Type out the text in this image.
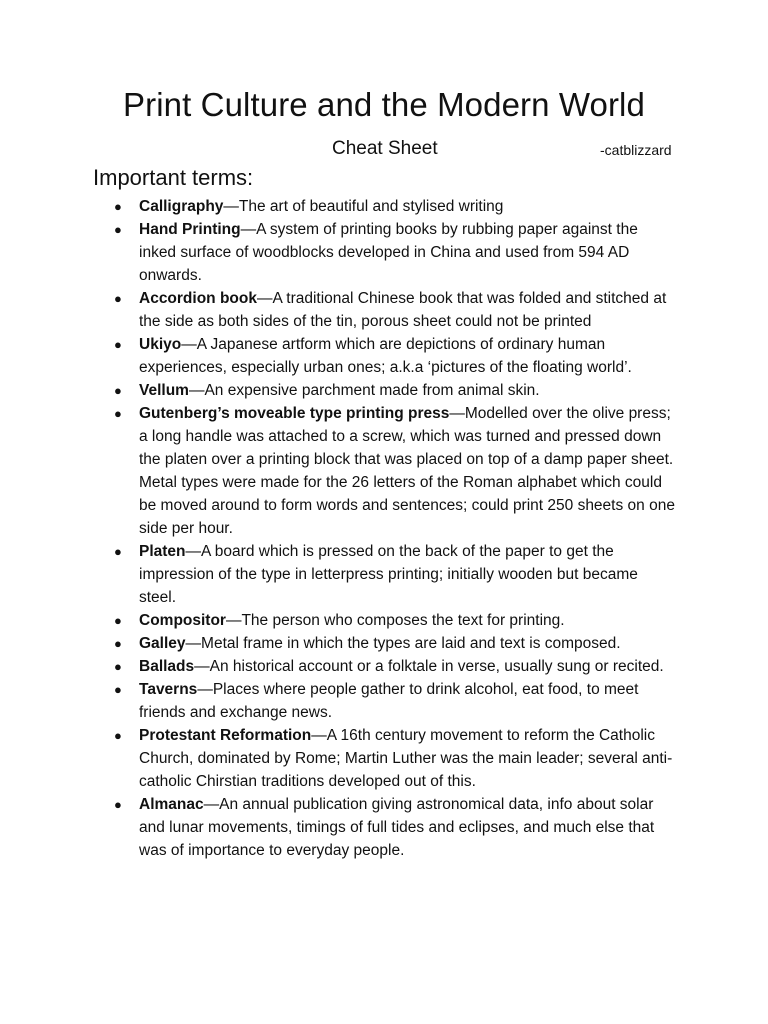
Print Culture and the Modern World
Cheat Sheet	-catblizzard
Important terms:
● Calligraphy—The art of beautiful and stylised writing
● Hand Printing—A system of printing books by rubbing paper against the inked surface of woodblocks developed in China and used from 594 AD onwards.
● Accordion book—A traditional Chinese book that was folded and stitched at the side as both sides of the tin, porous sheet could not be printed
● Ukiyo—A Japanese artform which are depictions of ordinary human experiences, especially urban ones; a.k.a ‘pictures of the floating world’.
● Vellum—An expensive parchment made from animal skin.
● Gutenberg’s moveable type printing press—Modelled over the olive press; a long handle was attached to a screw, which was turned and pressed down the platen over a printing block that was placed on top of a damp paper sheet. Metal types were made for the 26 letters of the Roman alphabet which could be moved around to form words and sentences; could print 250 sheets on one side per hour.
● Platen—A board which is pressed on the back of the paper to get the impression of the type in letterpress printing; initially wooden but became steel.
● Compositor—The person who composes the text for printing.
● Galley—Metal frame in which the types are laid and text is composed.
● Ballads—An historical account or a folktale in verse, usually sung or recited.
● Taverns—Places where people gather to drink alcohol, eat food, to meet friends and exchange news.
● Protestant Reformation—A 16th century movement to reform the Catholic Church, dominated by Rome; Martin Luther was the main leader; several anti-catholic Chirstian traditions developed out of this.
● Almanac—An annual publication giving astronomical data, info about solar and lunar movements, timings of full tides and eclipses, and much else that was of importance to everyday people.
